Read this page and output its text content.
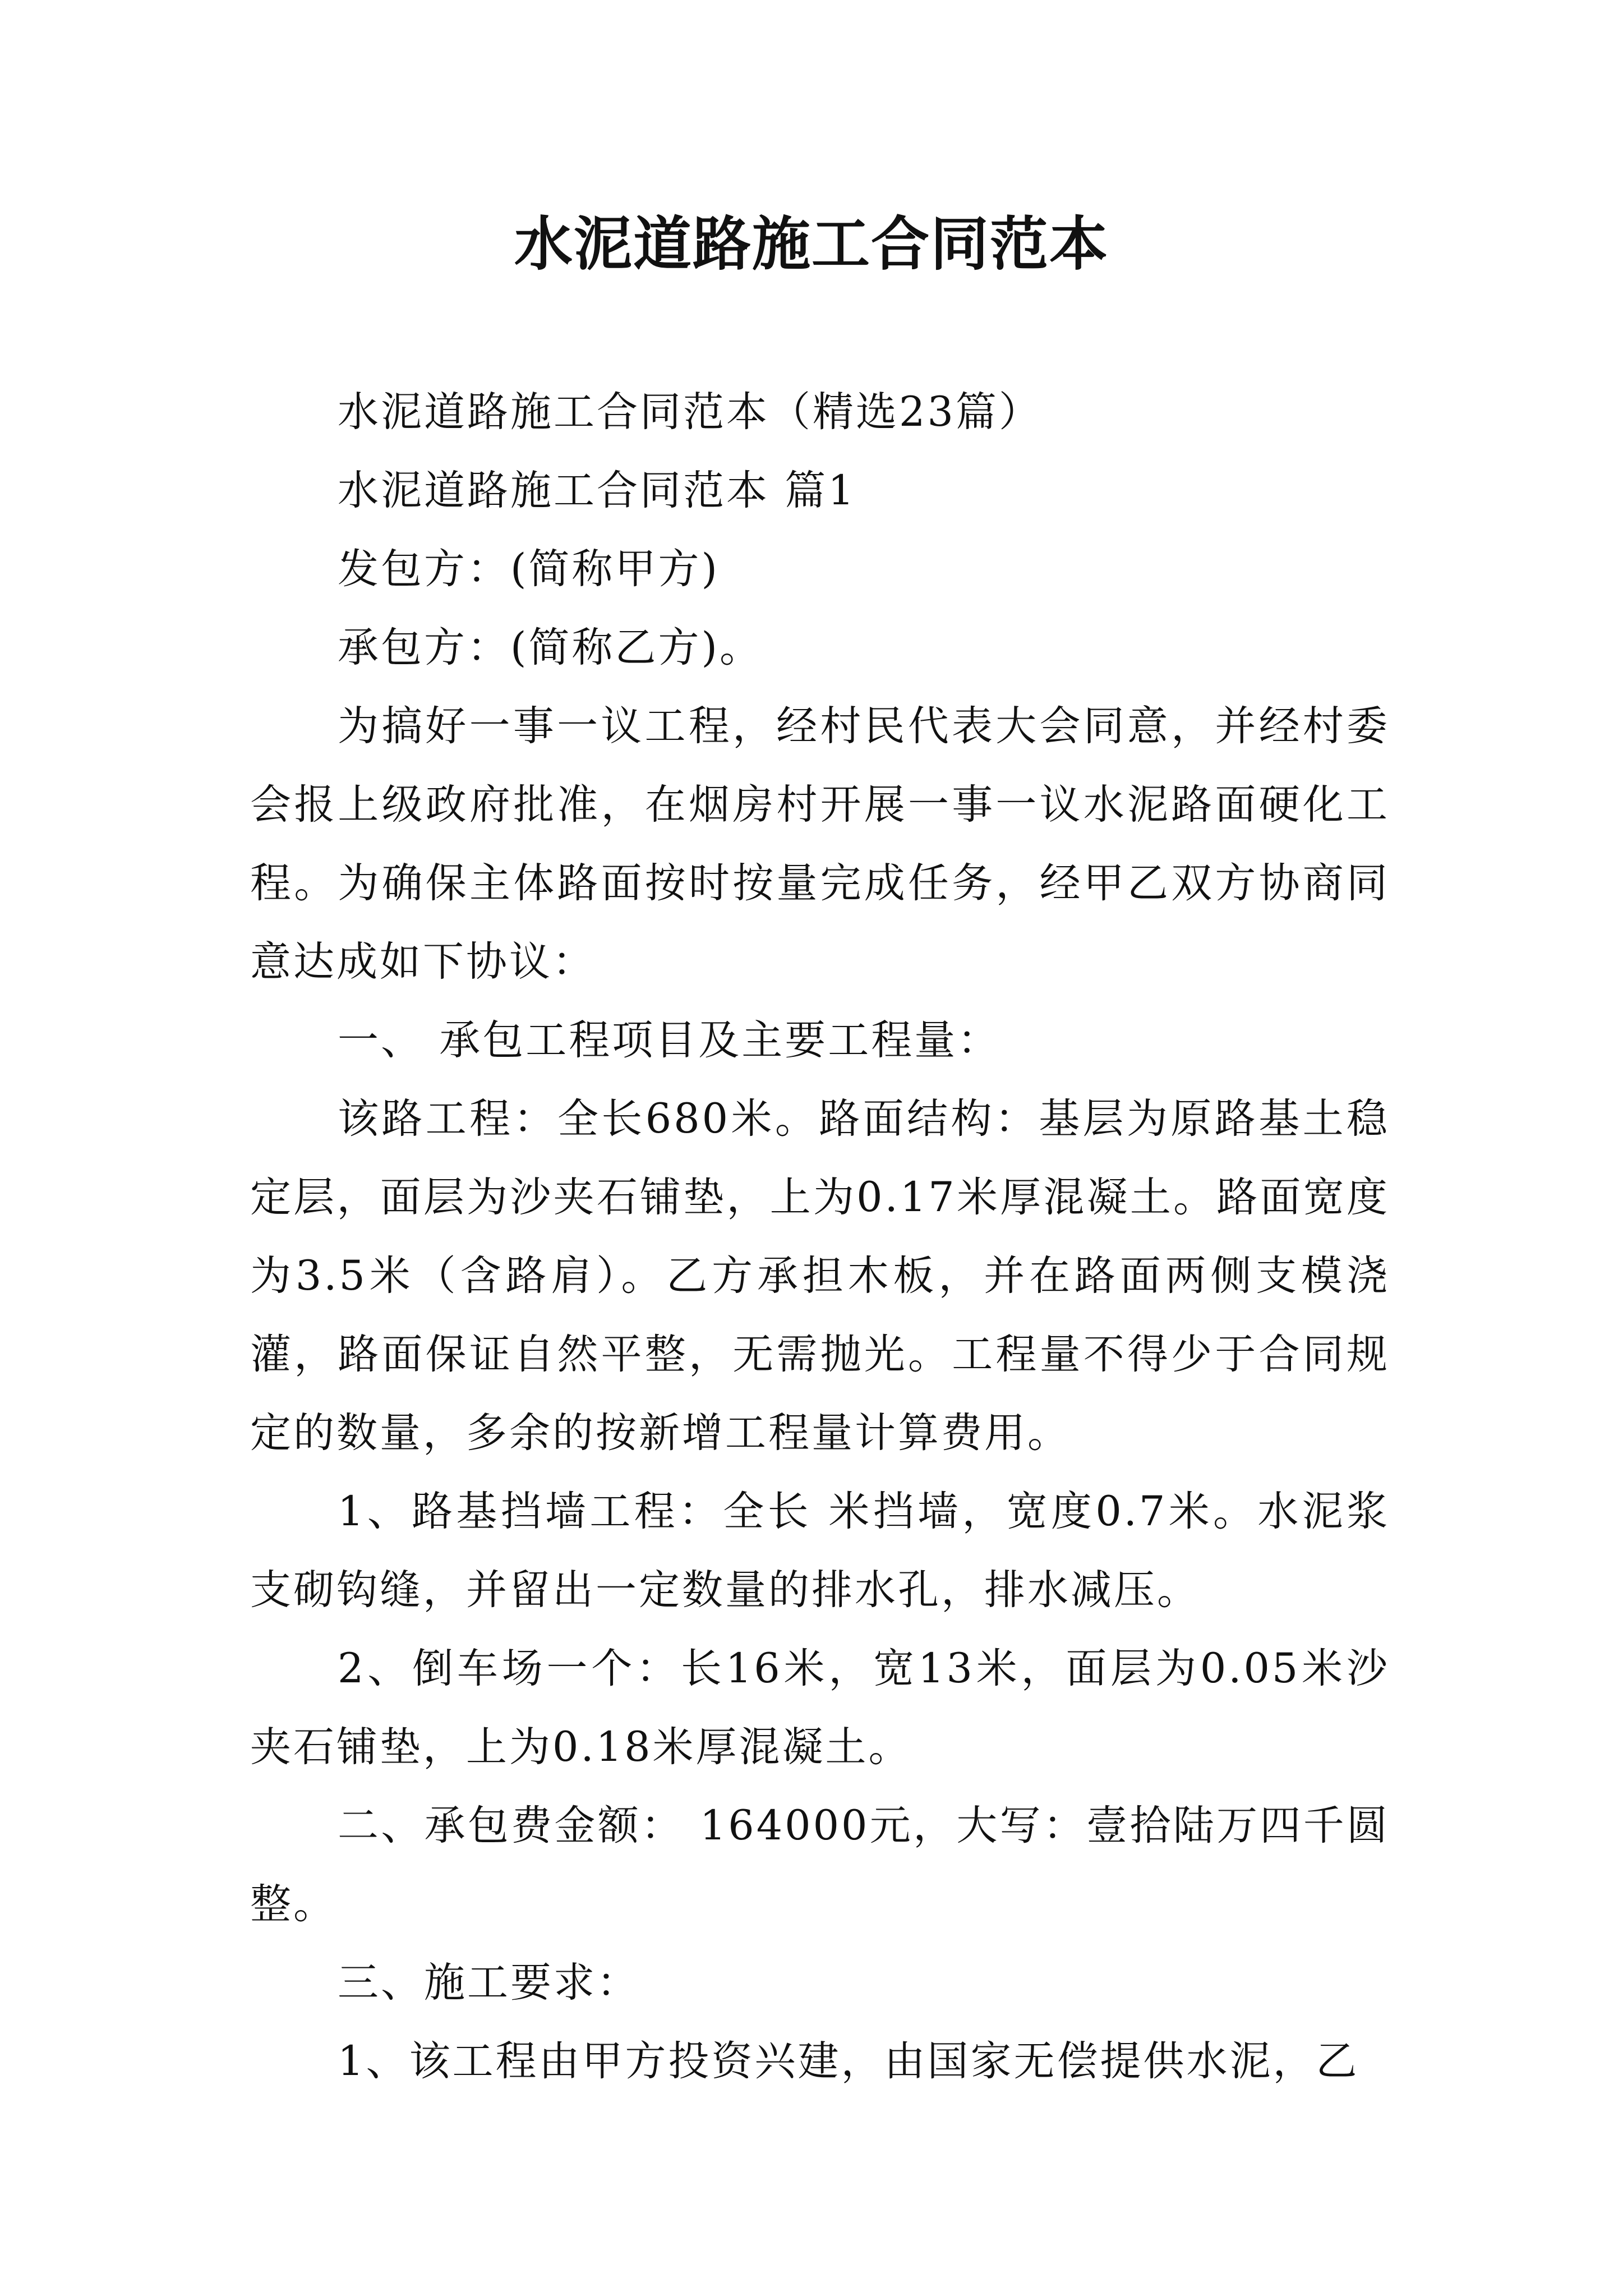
水泥道路施工合同范本

水泥道路施工合同范本（精选23篇）

水泥道路施工合同范本 篇1

发包方：(简称甲方)

承包方：(简称乙方)。

为搞好一事一议工程，经村民代表大会同意，并经村委会报上级政府批准，在烟房村开展一事一议水泥路面硬化工程。为确保主体路面按时按量完成任务，经甲乙双方协商同意达成如下协议：

一、 承包工程项目及主要工程量：

该路工程：全长680米。路面结构：基层为原路基土稳定层，面层为沙夹石铺垫，上为0.17米厚混凝土。路面宽度为3.5米（含路肩）。乙方承担木板，并在路面两侧支模浇灌，路面保证自然平整，无需抛光。工程量不得少于合同规定的数量，多余的按新增工程量计算费用。

1、路基挡墙工程：全长 米挡墙，宽度0.7米。水泥浆支砌钩缝，并留出一定数量的排水孔，排水减压。

2、倒车场一个：长16米，宽13米，面层为0.05米沙夹石铺垫，上为0.18米厚混凝土。

二、承包费金额： 164000元，大写：壹拾陆万四千圆整。

三、施工要求：

1、该工程由甲方投资兴建，由国家无偿提供水泥，乙
